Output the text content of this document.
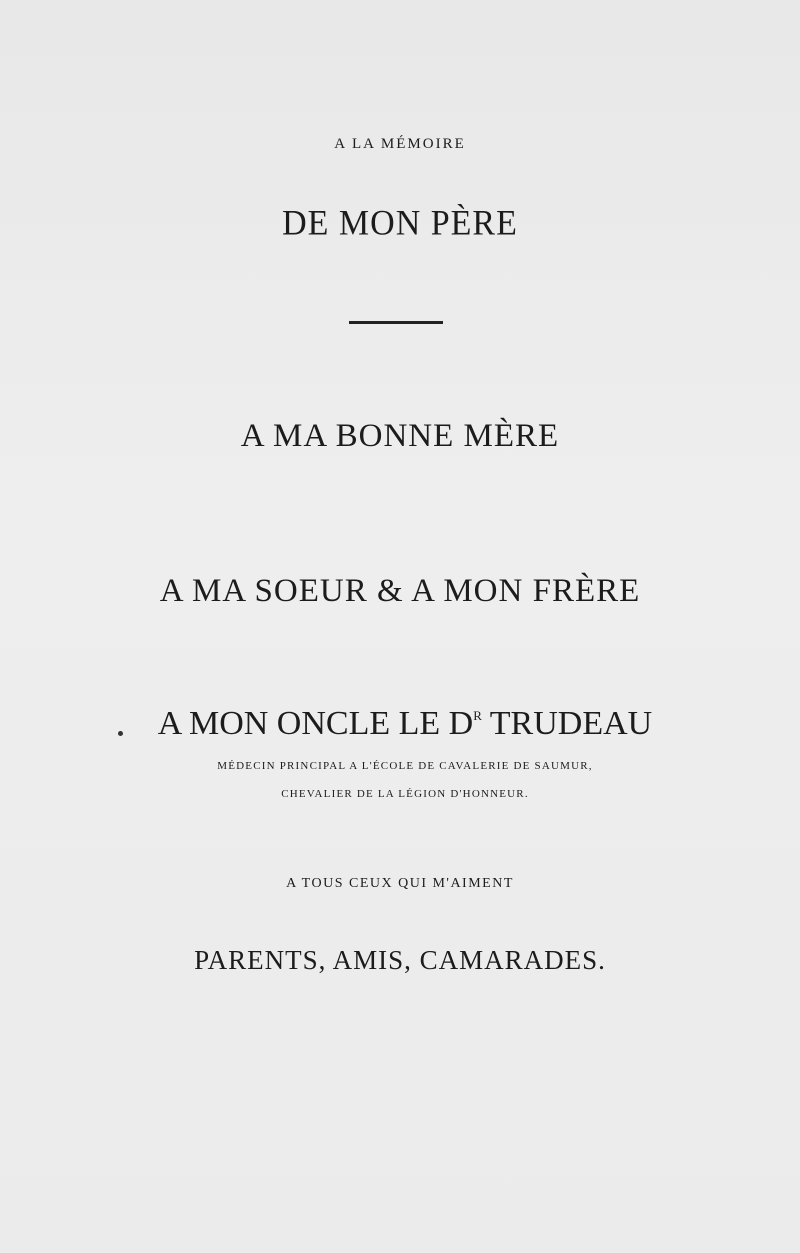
A LA MÉMOIRE
DE MON PÈRE
A MA BONNE MÈRE
A MA SOEUR & A MON FRÈRE
A MON ONCLE LE $D^R$ TRUDEAU
MÉDECIN PRINCIPAL A L'ÉCOLE DE CAVALERIE DE SAUMUR,
CHEVALIER DE LA LÉGION D'HONNEUR.
A TOUS CEUX QUI M'AIMENT
PARENTS, AMIS, CAMARADES.
